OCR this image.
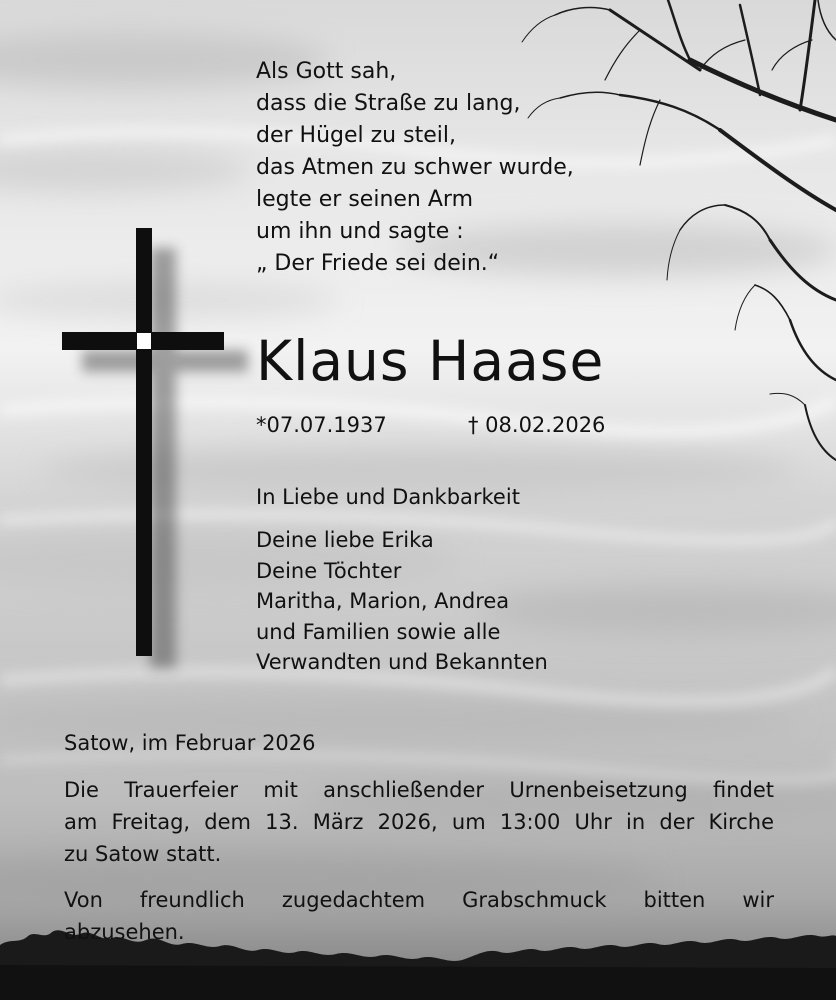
Als Gott sah,
dass die Straße zu lang,
der Hügel zu steil,
das Atmen zu schwer wurde,
legte er seinen Arm
um ihn und sagte :
„ Der Friede sei dein.“
Klaus Haase
*07.07.1937	† 08.02.2026
In Liebe und Dankbarkeit
Deine liebe Erika
Deine Töchter
Maritha, Marion, Andrea
und Familien sowie alle
Verwandten und Bekannten
Satow, im Februar 2026
Die Trauerfeier mit anschließender Urnenbeisetzung findet
am Freitag, dem 13. März 2026, um 13:00 Uhr in der Kirche
zu Satow statt.
Von freundlich zugedachtem Grabschmuck bitten wir
abzusehen.
